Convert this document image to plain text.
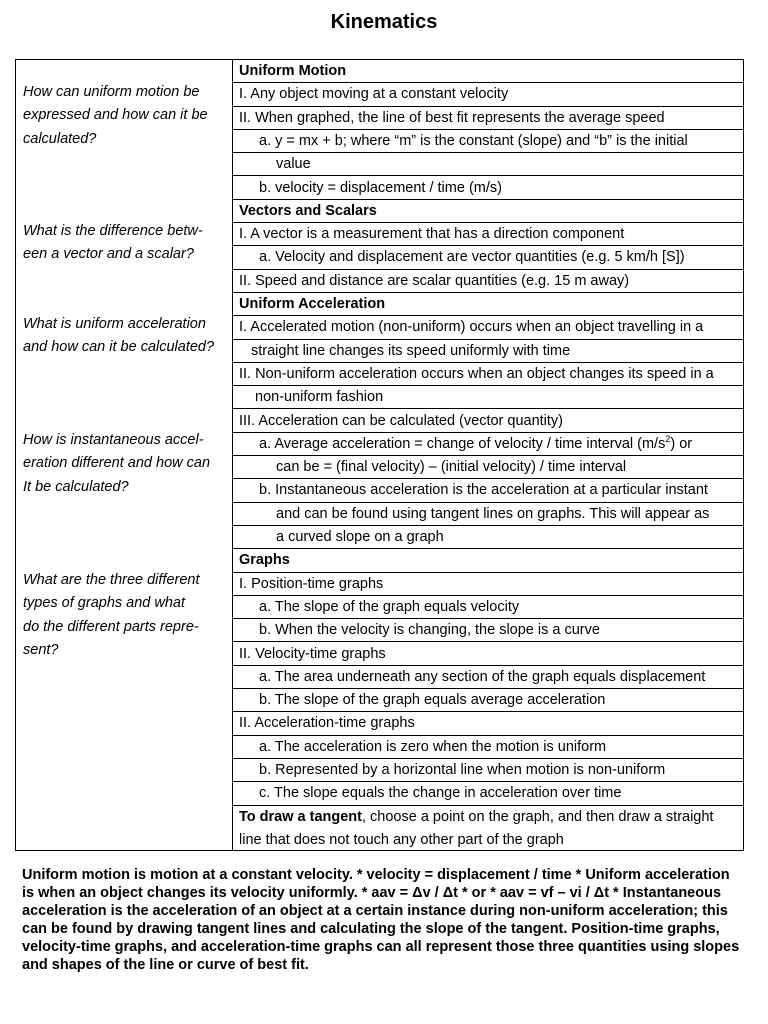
Kinematics
How can uniform motion be
expressed and how can it be
calculated?
What is the difference betw-
een a vector and a scalar?
What is uniform acceleration
and how can it be calculated?
How is instantaneous accel-
eration different and how can
It be calculated?
What are the three different
types of graphs and what
do the different parts repre-
sent?
Uniform Motion
I. Any object moving at a constant velocity
II. When graphed, the line of best fit represents the average speed
a. y = mx + b; where “m” is the constant (slope) and “b” is the initial
value
b. velocity = displacement / time (m/s)
Vectors and Scalars
I. A vector is a measurement that has a direction component
a. Velocity and displacement are vector quantities (e.g. 5 km/h [S])
II. Speed and distance are scalar quantities (e.g. 15 m away)
Uniform Acceleration
I. Accelerated motion (non-uniform) occurs when an object travelling in a
straight line changes its speed uniformly with time
II. Non-uniform acceleration occurs when an object changes its speed in a
non-uniform fashion
III. Acceleration can be calculated (vector quantity)
a. Average acceleration = change of velocity / time interval $(m/s^2)$ or
can be = (final velocity) – (initial velocity) / time interval
b. Instantaneous acceleration is the acceleration at a particular instant
and can be found using tangent lines on graphs. This will appear as
a curved slope on a graph
Graphs
I. Position-time graphs
a. The slope of the graph equals velocity
b. When the velocity is changing, the slope is a curve
II. Velocity-time graphs
a. The area underneath any section of the graph equals displacement
b. The slope of the graph equals average acceleration
II. Acceleration-time graphs
a. The acceleration is zero when the motion is uniform
b. Represented by a horizontal line when motion is non-uniform
c. The slope equals the change in acceleration over time
To draw a tangent, choose a point on the graph, and then draw a straight
line that does not touch any other part of the graph
Uniform motion is motion at a constant velocity. * velocity = displacement / time * Uniform acceleration is when an object changes its velocity uniformly. * aav = Δv / Δt * or * aav = vf – vi / Δt * Instantaneous acceleration is the acceleration of an object at a certain instance during non-uniform acceleration; this can be found by drawing tangent lines and calculating the slope of the tangent. Position-time graphs, velocity-time graphs, and acceleration-time graphs can all represent those three quantities using slopes and shapes of the line or curve of best fit.
